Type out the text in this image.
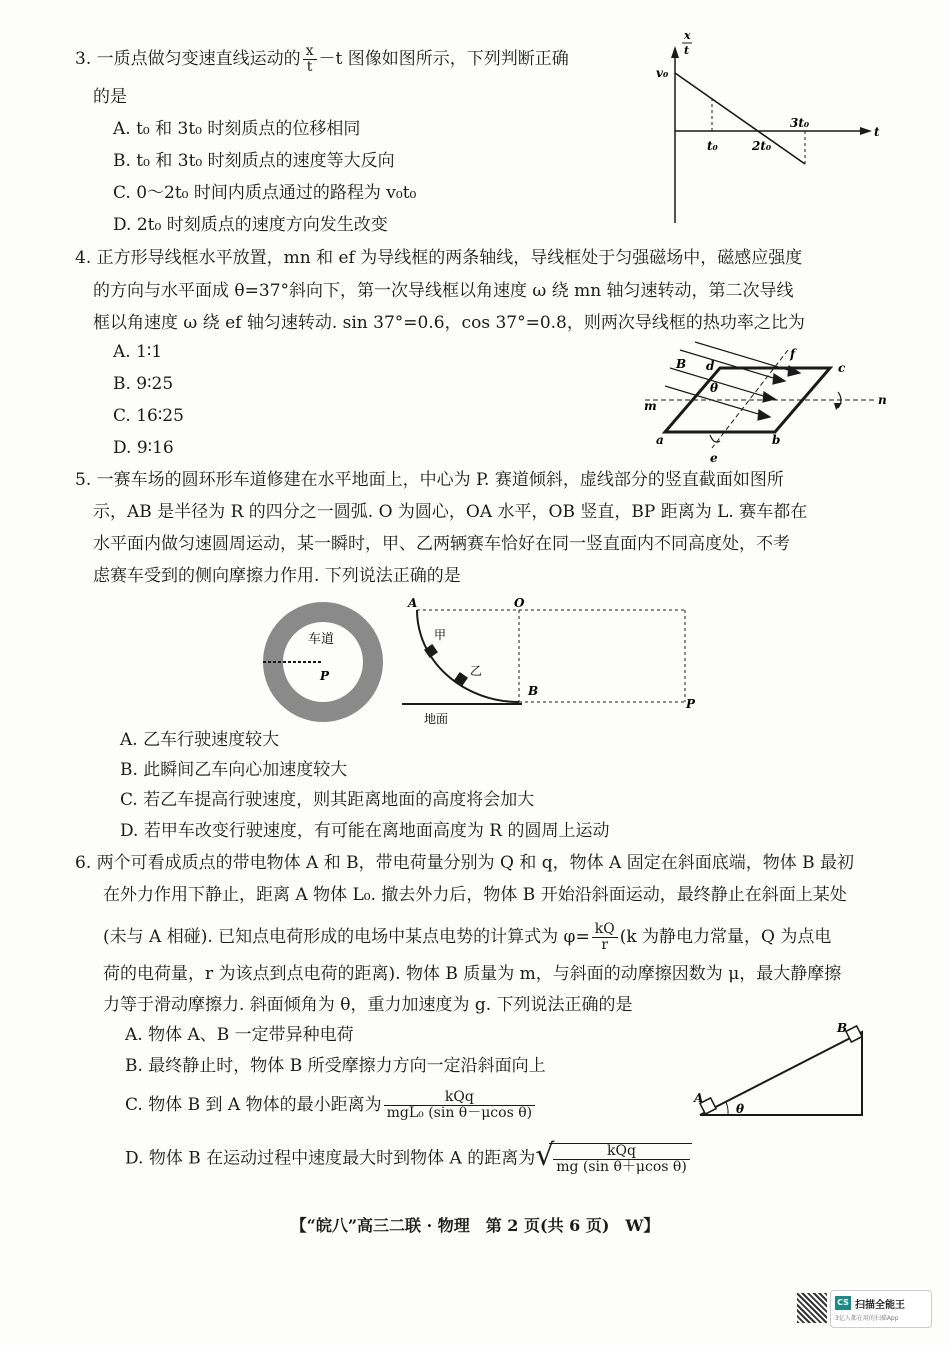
3. 一质点做匀变速直线运动的 $\frac{x}{t} -t$ 图像如图所示，下列判断正确
的是
A. t₀ 和 3t₀ 时刻质点的位移相同
B. t₀ 和 3t₀ 时刻质点的速度等大反向
C. 0～2t₀ 时间内质点通过的路程为 v₀t₀
D. 2t₀ 时刻质点的速度方向发生改变
x
t
v₀
t
t₀	2t₀
3t₀
4. 正方形导线框水平放置，mn 和 ef 为导线框的两条轴线，导线框处于匀强磁场中，磁感应强度
的方向与水平面成 θ=37°斜向下，第一次导线框以角速度 ω 绕 mn 轴匀速转动，第二次导线
框以角速度 ω 绕 ef 轴匀速转动. sin 37°=0.6，cos 37°=0.8，则两次导线框的热功率之比为
A. 1∶1
B. 9∶25
C. 16∶25
D. 9∶16
B d
f
c
θ
m	n
a	b
e
5. 一赛车场的圆环形车道修建在水平地面上，中心为 P. 赛道倾斜，虚线部分的竖直截面如图所
示，AB 是半径为 R 的四分之一圆弧. O 为圆心，OA 水平，OB 竖直，BP 距离为 L. 赛车都在
水平面内做匀速圆周运动，某一瞬时，甲、乙两辆赛车恰好在同一竖直面内不同高度处，不考
虑赛车受到的侧向摩擦力作用. 下列说法正确的是
车道
P
A	O
甲
乙
B
P
地面
A. 乙车行驶速度较大
B. 此瞬间乙车向心加速度较大
C. 若乙车提高行驶速度，则其距离地面的高度将会加大
D. 若甲车改变行驶速度，有可能在离地面高度为 R 的圆周上运动
6. 两个可看成质点的带电物体 A 和 B，带电荷量分别为 Q 和 q，物体 A 固定在斜面底端，物体 B 最初
在外力作用下静止，距离 A 物体 L₀. 撤去外力后，物体 B 开始沿斜面运动，最终静止在斜面上某处
(未与 A 相碰). 已知点电荷形成的电场中某点电势的计算式为 $\varphi= \frac{kQ}{r} (k$ 为静电力常量，Q 为点电
荷的电荷量，r 为该点到点电荷的距离). 物体 B 质量为 m，与斜面的动摩擦因数为 μ，最大静摩擦
力等于滑动摩擦力. 斜面倾角为 θ，重力加速度为 g. 下列说法正确的是
A. 物体 A、B 一定带异种电荷
B. 最终静止时，物体 B 所受摩擦力方向一定沿斜面向上
C. 物体 B 到 A 物体的最小距离为 $\frac{\text{kQq}}{\text{mgL₀ (sin θ－μcos θ)}}$
D. 物体 B 在运动过程中速度最大时到物体 A 的距离为 √
$\frac{\text{kQq}}{\text{mg (sin θ＋μcos θ)}}$
A
B
θ
【“皖八”高三二联 · 物理　第 2 页(共 6 页)　W】
CS 扫描全能王
3亿人都在用的扫描App
